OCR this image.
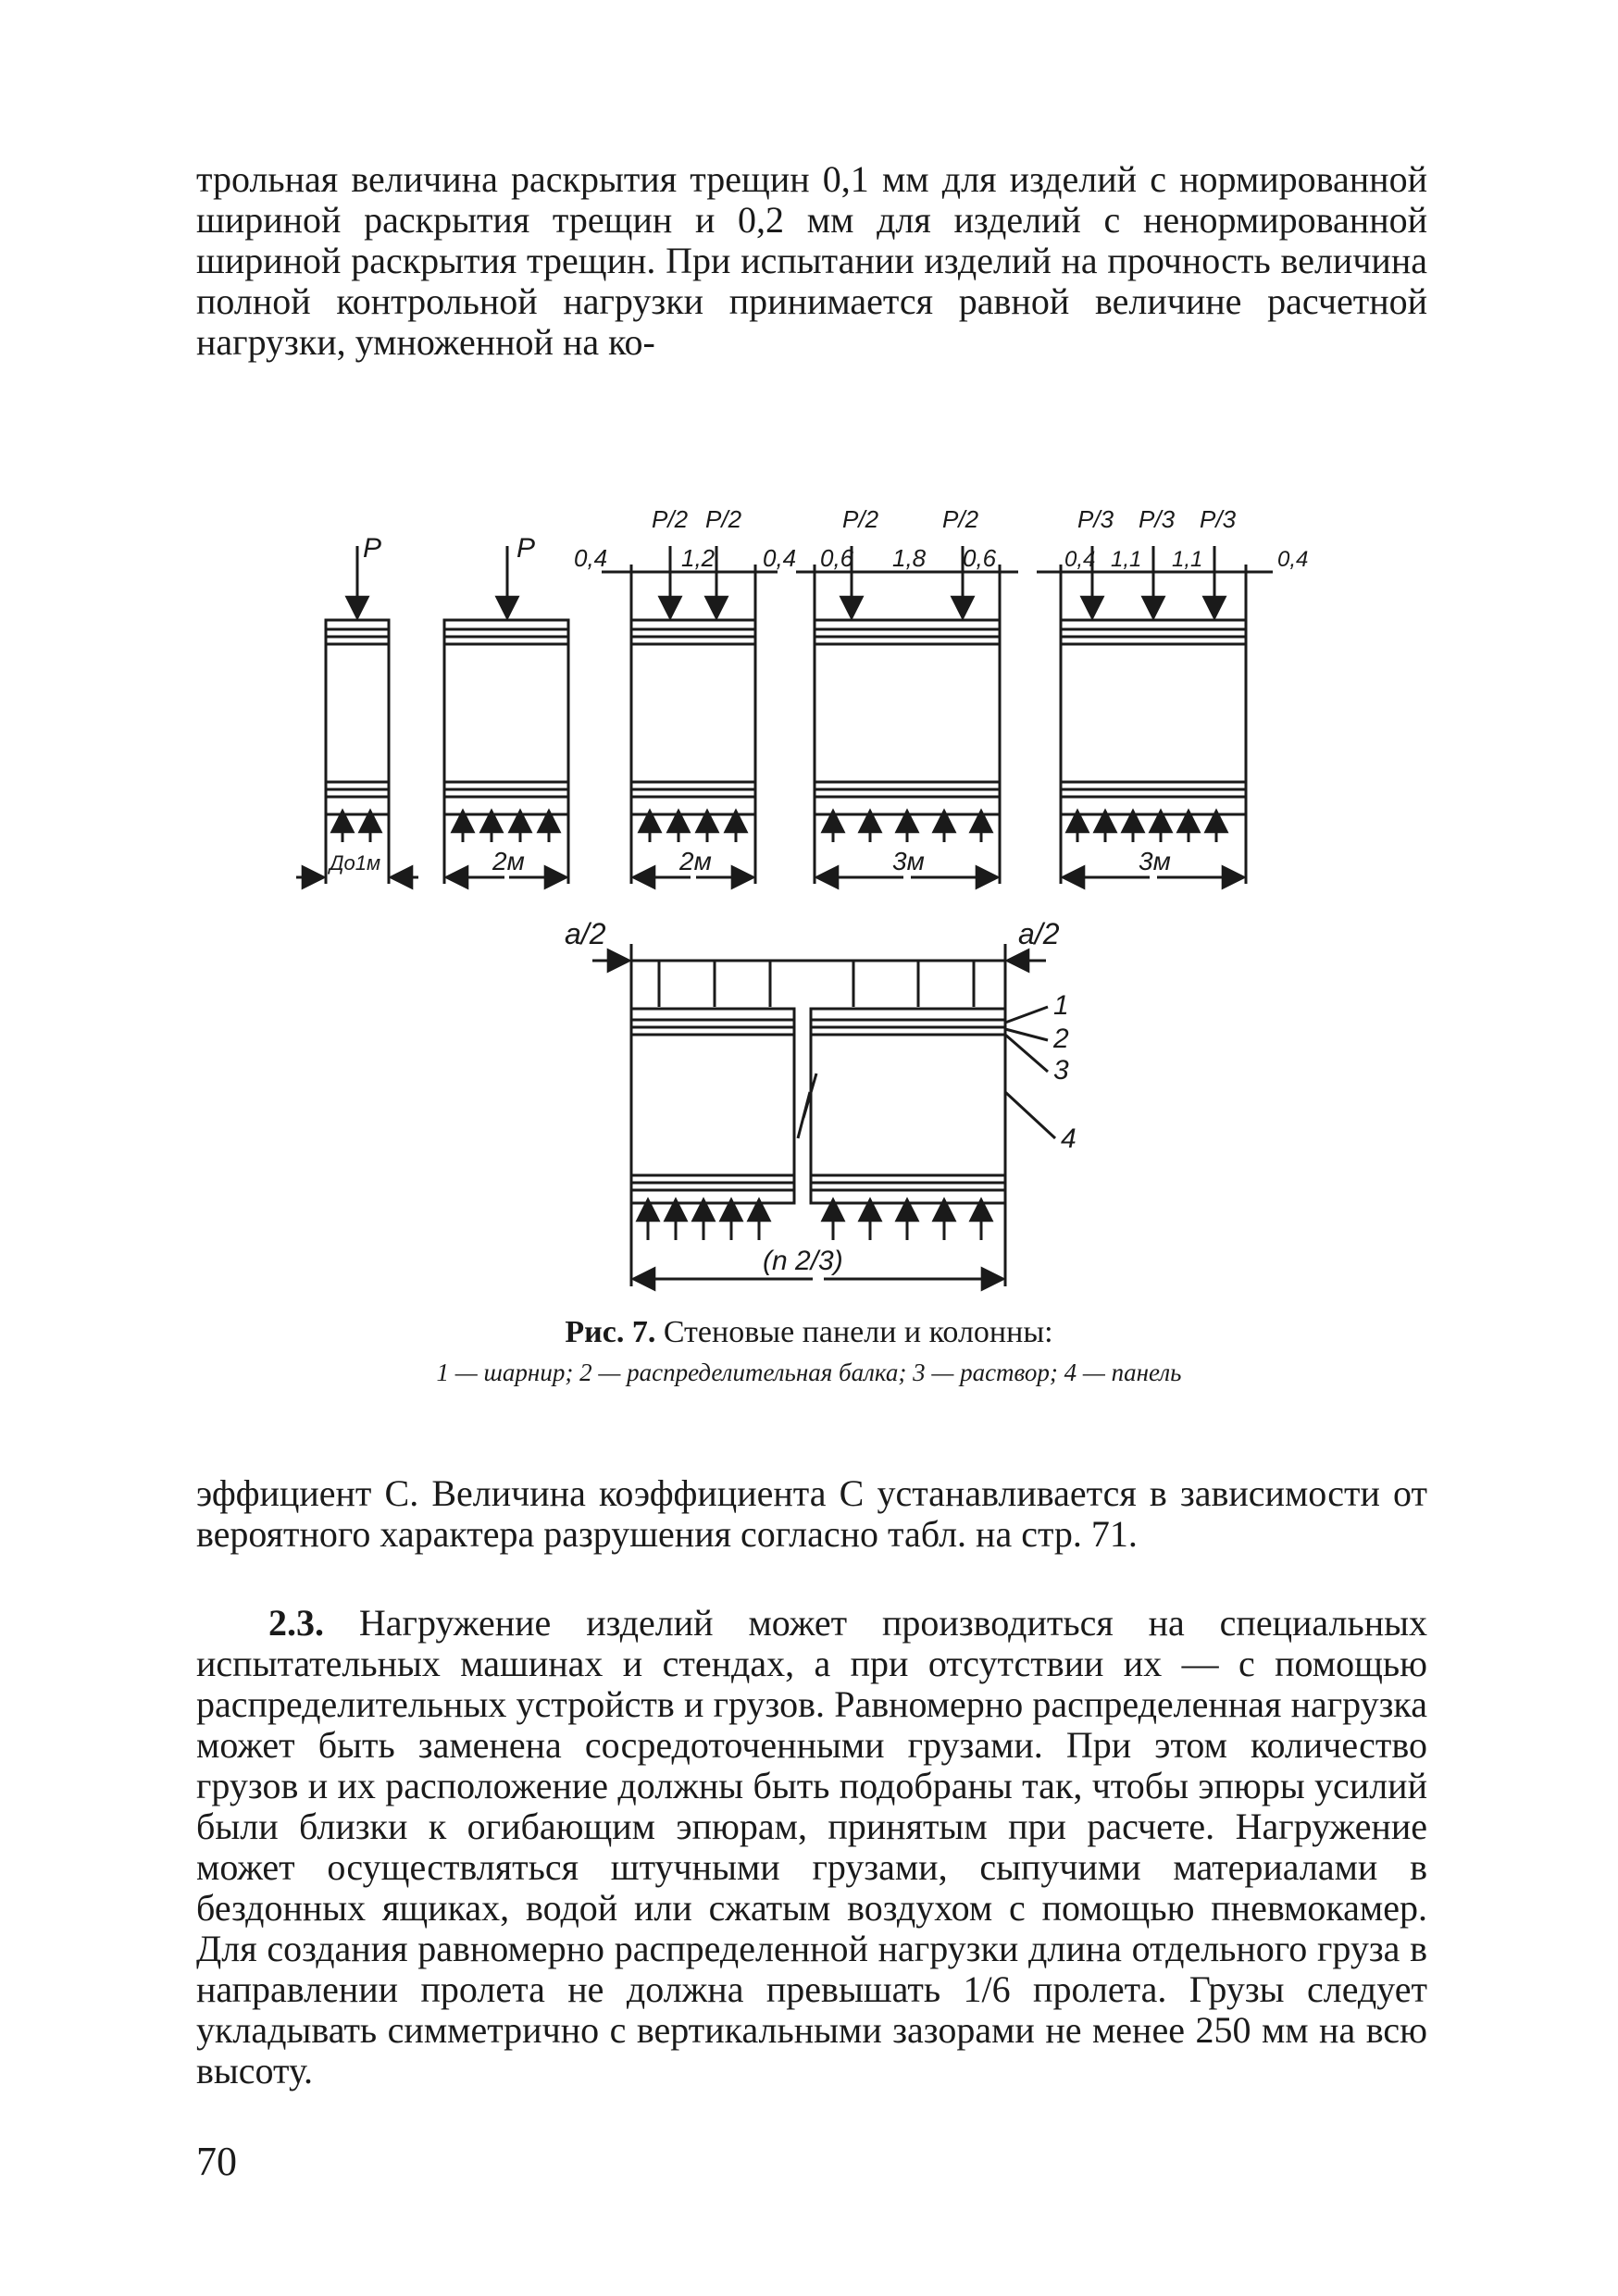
трольная величина раскрытия трещин 0,1 мм для изделий с нормированной шириной раскрытия трещин и 0,2 мм для изделий с ненормированной шириной раскрытия трещин. При испытании изделий на прочность величина полной контрольной нагрузки принимается равной величине расчетной нагрузки, умноженной на ко-

P	P
P/2 P/2	P/2	P/2	P/3 P/3 P/3
0,4	1,2 0,4 0,6 1,8 0,6	0,4 1,1 1,1	0,4
До1м	2м	2м	3м	3м
a/2	a/2
(n 2/3)
1
2
3
4
Рис. 7. Стеновые панели и колонны:
1 — шарнир; 2 — распределительная балка; 3 — раствор; 4 — панель

эффициент C. Величина коэффициента C устанавливается в зависимости от вероятного характера разрушения согласно табл. на стр. 71.

2.3. Нагружение изделий может производиться на специальных испытательных машинах и стендах, а при отсутствии их — с помощью распределительных устройств и грузов. Равномерно распределенная нагрузка может быть заменена сосредоточенными грузами. При этом количество грузов и их расположение должны быть подобраны так, чтобы эпюры усилий были близки к огибающим эпюрам, принятым при расчете. Нагружение может осуществляться штучными грузами, сыпучими материалами в бездонных ящиках, водой или сжатым воздухом с помощью пневмокамер. Для создания равномерно распределенной нагрузки длина отдельного груза в направлении пролета не должна превышать 1/6 пролета. Грузы следует укладывать симметрично с вертикальными зазорами не менее 250 мм на всю высоту.

70
